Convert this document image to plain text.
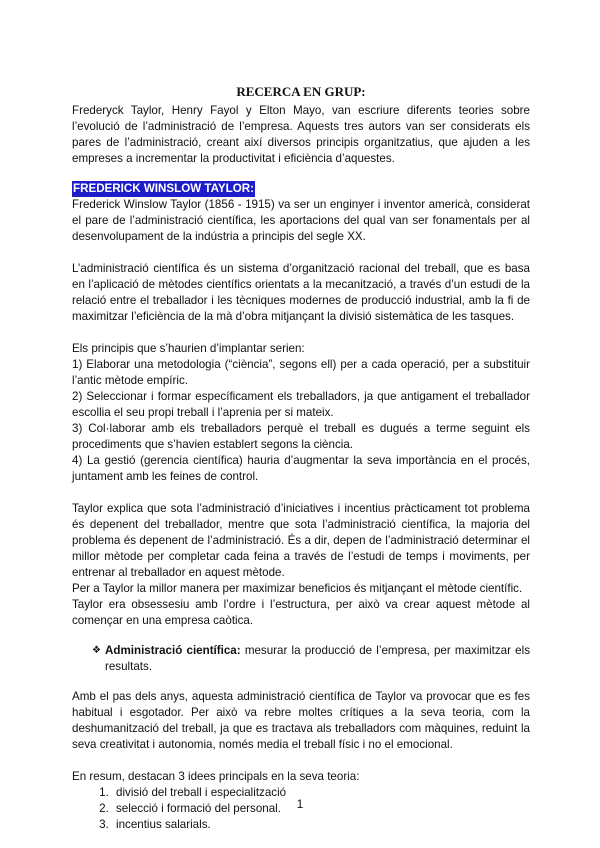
RECERCA EN GRUP:

Frederyck Taylor, Henry Fayol y Elton Mayo, van escriure diferents teories sobre l’evolució de l’administració de l’empresa. Aquests tres autors van ser considerats els pares de l’administració, creant així diversos principis organitzatius, que ajuden a les empreses a incrementar la productivitat i eficiència d’aquestes.

FREDERICK WINSLOW TAYLOR:

Frederick Winslow Taylor (1856 - 1915) va ser un enginyer i inventor americà, considerat el pare de l’administració científica, les aportacions del qual van ser fonamentals per al desenvolupament de la indústria a principis del segle XX.

L’administració científica és un sistema d’organització racional del treball, que es basa en l’aplicació de mètodes científics orientats a la mecanització, a través d’un estudi de la relació entre el treballador i les tècniques modernes de producció industrial, amb la fi de maximitzar l’eficiència de la mà d’obra mitjançant la divisió sistemàtica de les tasques.

Els principis que s’haurien d’implantar serien:

1) Elaborar una metodologia (“ciència”, segons ell) per a cada operació, per a substituir l’antic mètode empíric.

2) Seleccionar i formar específicament els treballadors, ja que antigament el treballador escollia el seu propi treball i l’aprenia per si mateix.

3) Col·laborar amb els treballadors perquè el treball es dugués a terme seguint els procediments que s’havien establert segons la ciència.

4) La gestió (gerencia científica) hauria d’augmentar la seva importància en el procés, juntament amb les feines de control.

Taylor explica que sota l’administració d’iniciatives i incentius pràcticament tot problema és depenent del treballador, mentre que sota l’administració científica, la majoria del problema és depenent de l’administració. És a dir, depen de l’administració determinar el millor mètode per completar cada feina a través de l’estudi de temps i moviments, per entrenar al treballador en aquest mètode.

Per a Taylor la millor manera per maximizar beneficios és mitjançant el mètode científic.

Taylor era obsessesiu amb l’ordre i l’estructura, per això va crear aquest mètode al començar en una empresa caòtica.

❖ Administració científica: mesurar la producció de l’empresa, per maximitzar els resultats.

Amb el pas dels anys, aquesta administració científica de Taylor va provocar que es fes habitual i esgotador. Per això va rebre moltes crítiques a la seva teoria, com la deshumanització del treball, ja que es tractava als treballadors com màquines, reduint la seva creativitat i autonomia, només media el treball físic i no el emocional.

En resum, destacan 3 idees principals en la seva teoria:

1. divisió del treball i especialització
2. selecció i formació del personal.
3. incentius salarials.
1
